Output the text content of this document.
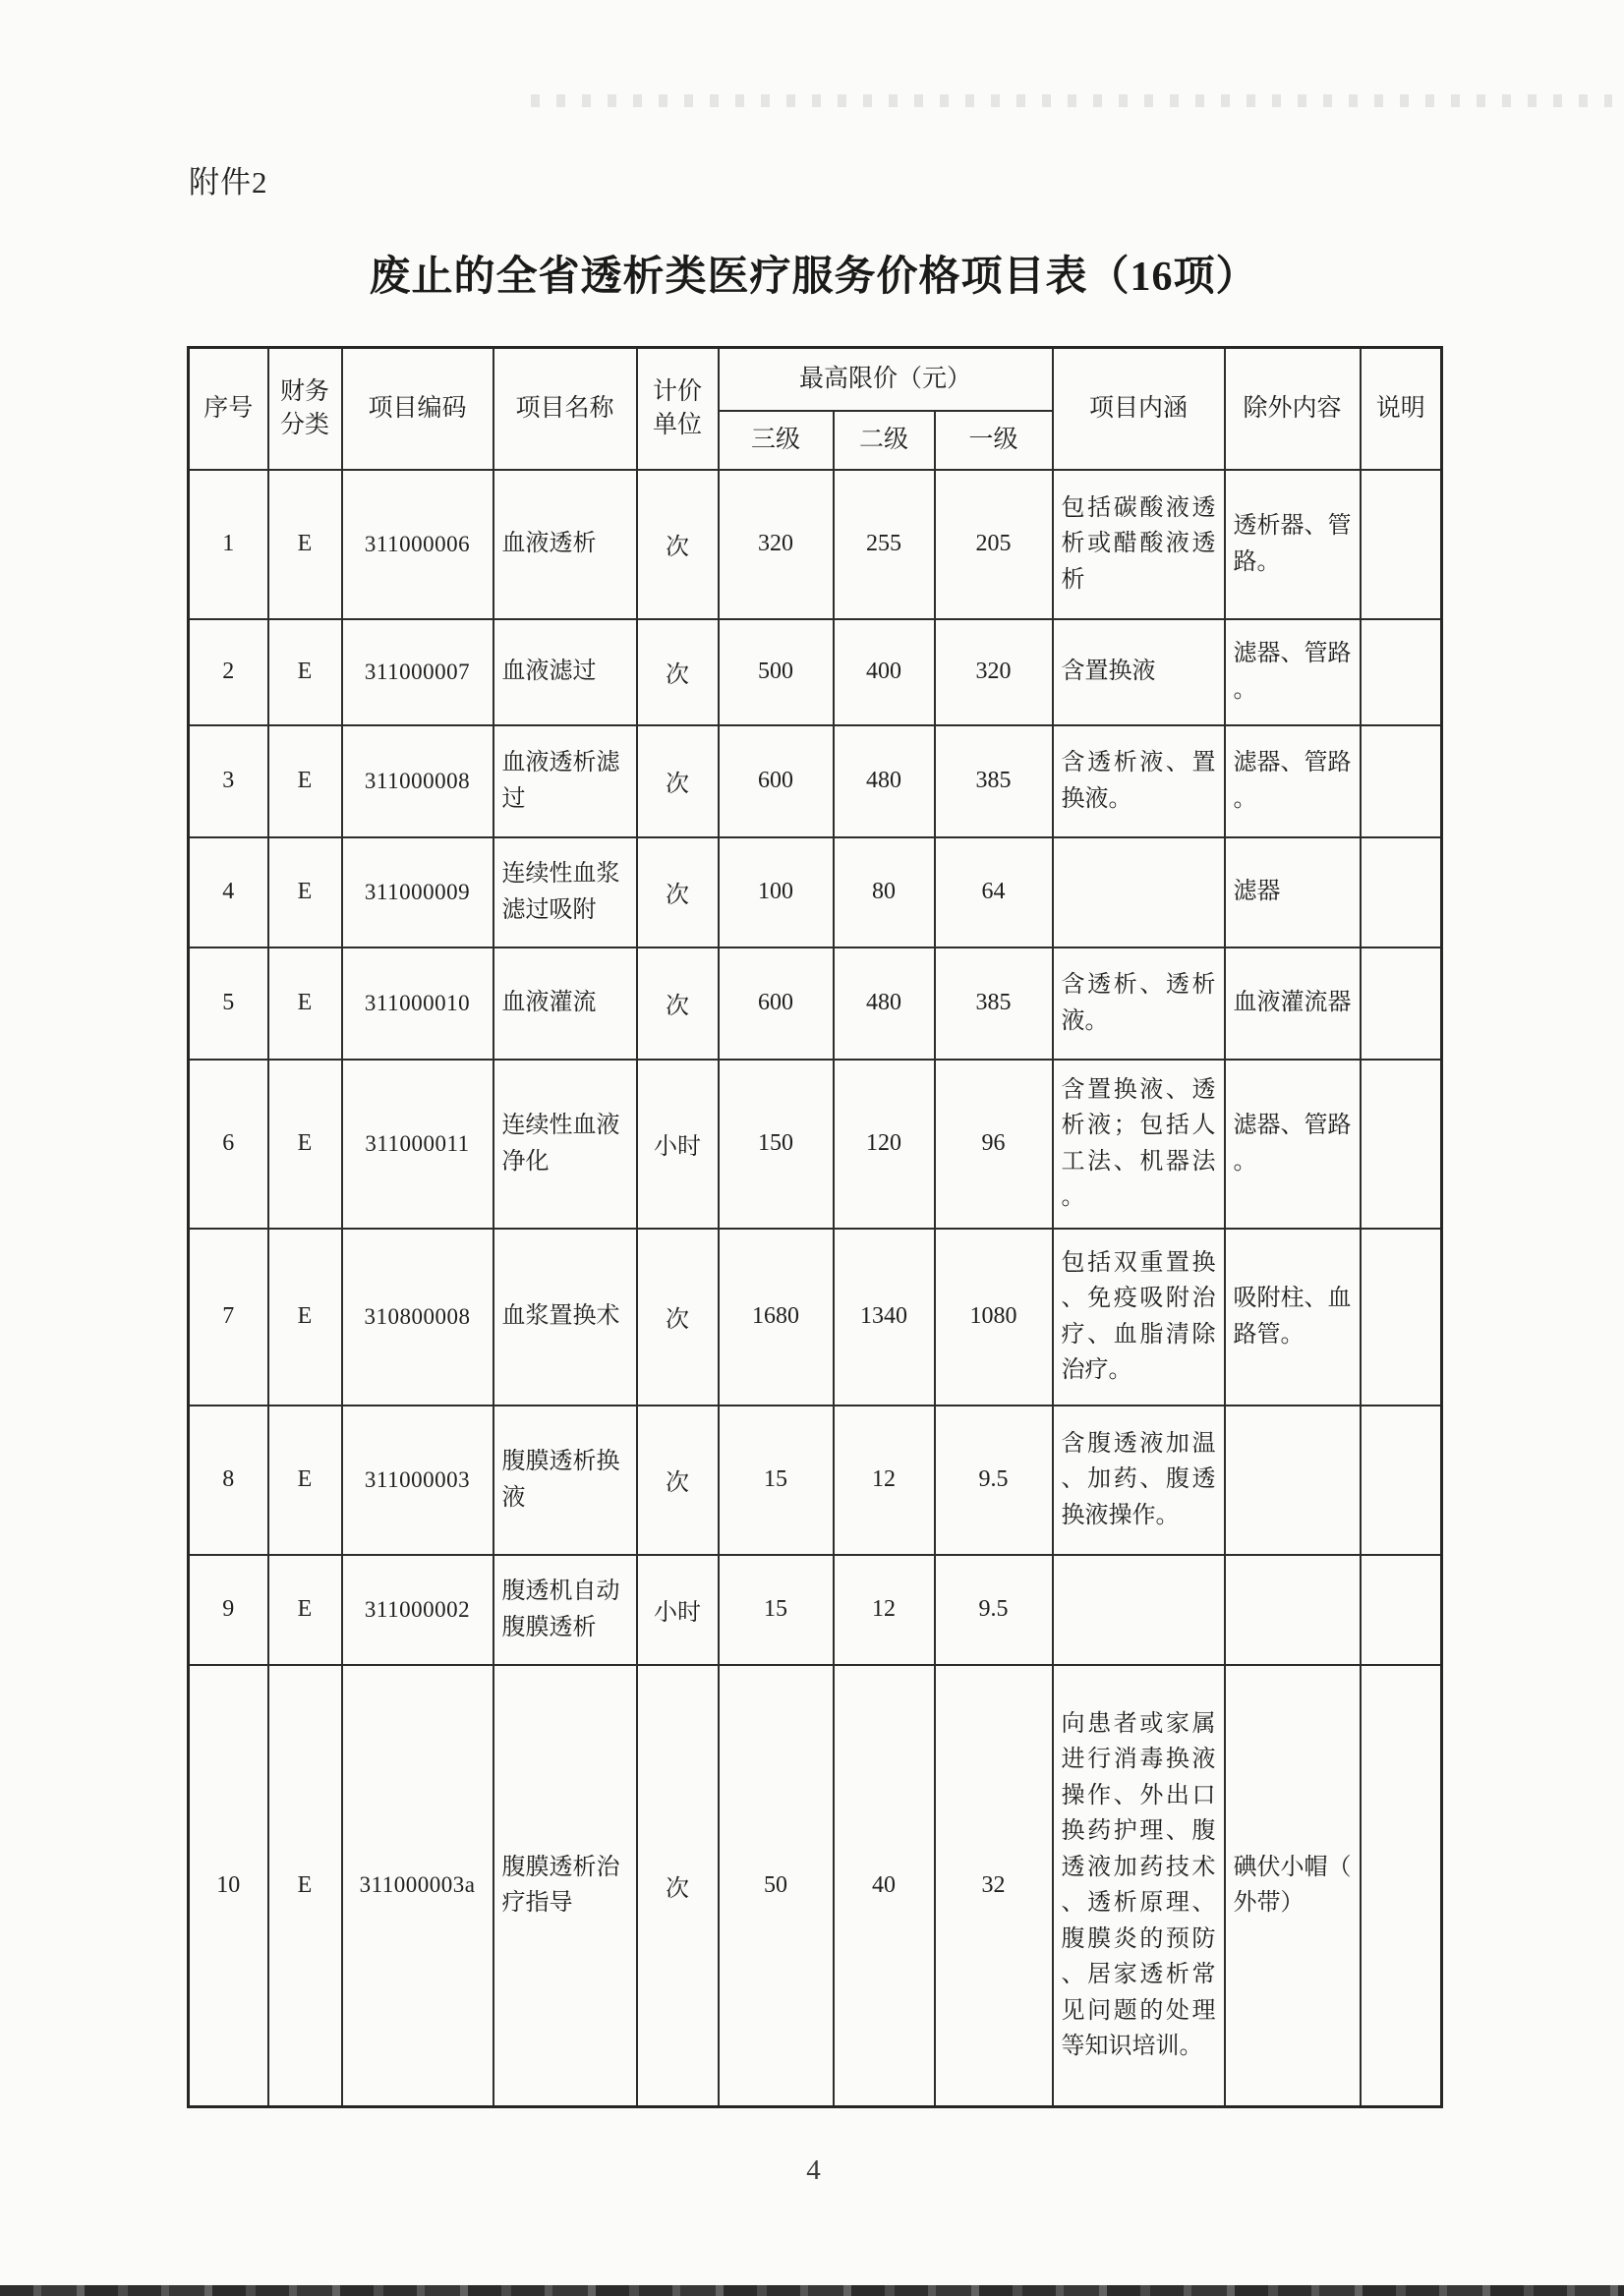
附件2
废止的全省透析类医疗服务价格项目表（16项）
序号	财务分类	项目编码	项目名称	计价单位	最高限价（元）			项目内涵	除外内容	说明
					三级	二级	一级			
1	E	311000006	血液透析	次	320	255	205	包括碳酸液透析或醋酸液透析	透析器、管路。	
2	E	311000007	血液滤过	次	500	400	320	含置换液	滤器、管路。	
3	E	311000008	血液透析滤过	次	600	480	385	含透析液、置换液。	滤器、管路。	
4	E	311000009	连续性血浆滤过吸附	次	100	80	64		滤器	
5	E	311000010	血液灌流	次	600	480	385	含透析、透析液。	血液灌流器	
6	E	311000011	连续性血液净化	小时	150	120	96	含置换液、透析液；包括人工法、机器法。	滤器、管路。	
7	E	310800008	血浆置换术	次	1680	1340	1080	包括双重置换、免疫吸附治疗、血脂清除治疗。	吸附柱、血路管。	
8	E	311000003	腹膜透析换液	次	15	12	9.5	含腹透液加温、加药、腹透换液操作。		
9	E	311000002	腹透机自动腹膜透析	小时	15	12	9.5			
10	E	311000003a	腹膜透析治疗指导	次	50	40	32	向患者或家属进行消毒换液操作、外出口换药护理、腹透液加药技术、透析原理、腹膜炎的预防、居家透析常见问题的处理等知识培训。	碘伏小帽（外带）	
4
